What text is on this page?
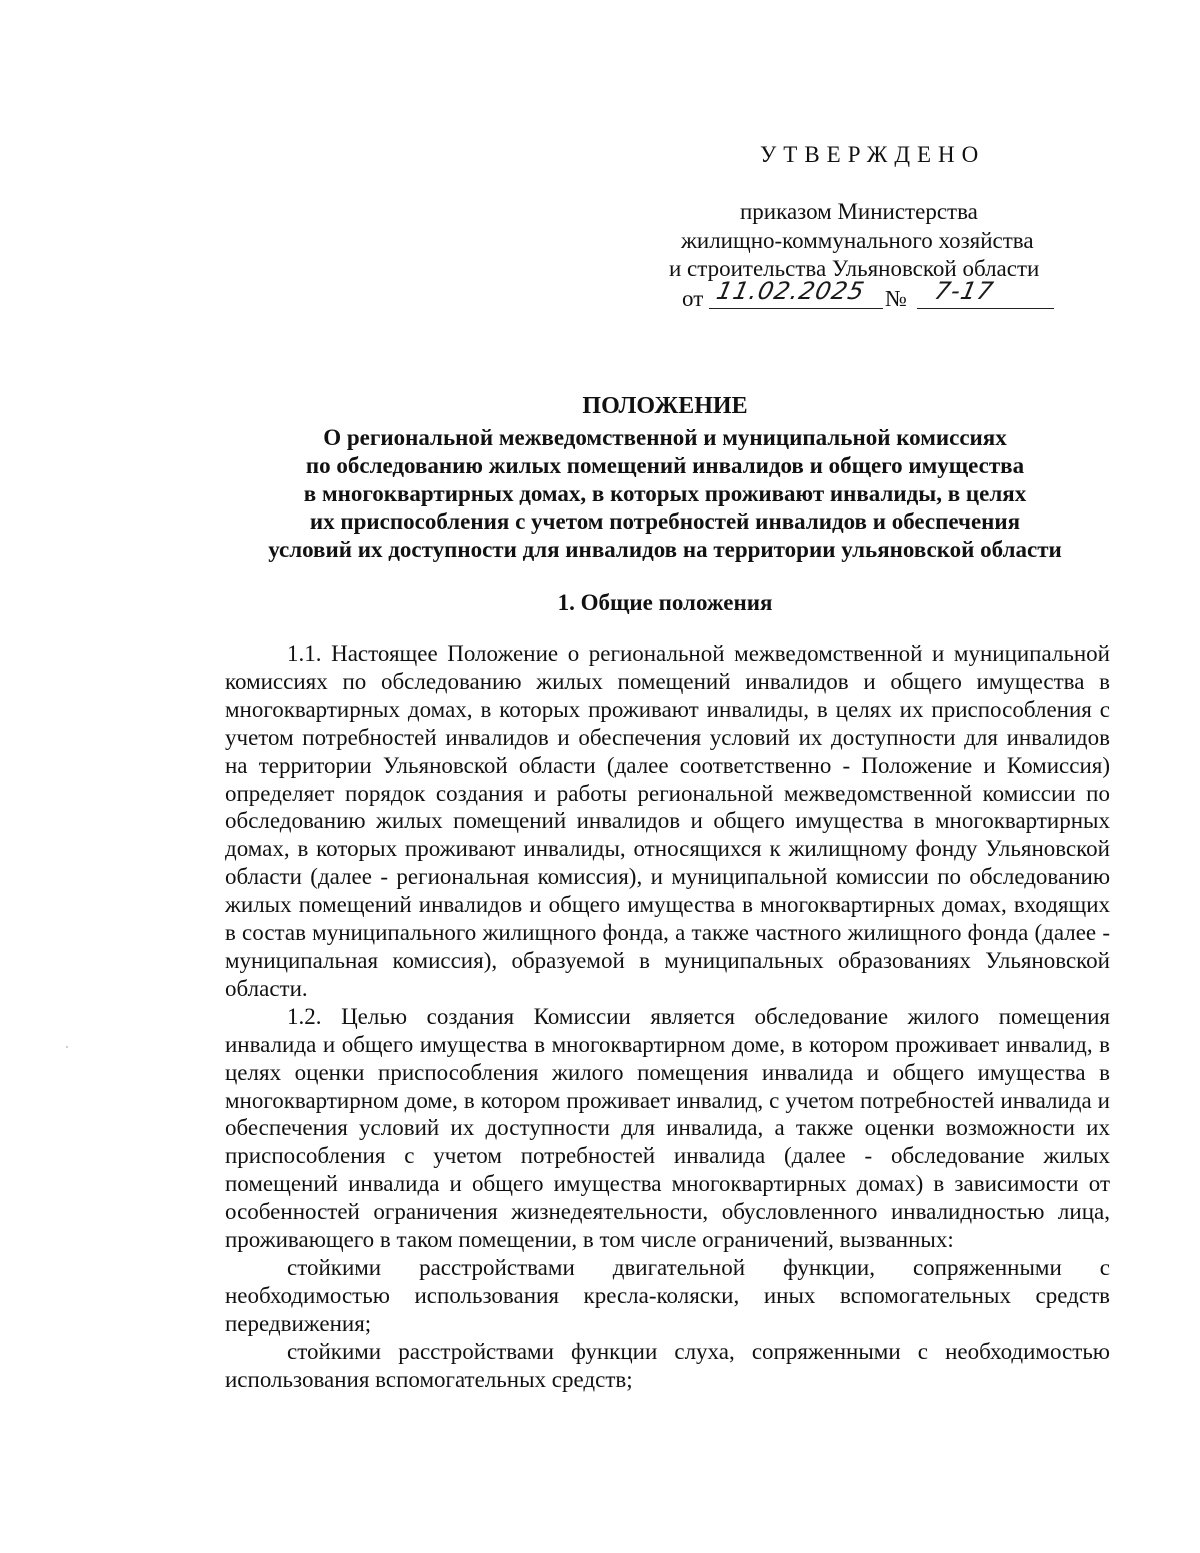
УТВЕРЖДЕНО
приказом Министерства
жилищно-коммунального хозяйства
и строительства Ульяновской области
от 11.02.2025 № 7-17
ПОЛОЖЕНИЕ
О региональной межведомственной и муниципальной комиссиях
по обследованию жилых помещений инвалидов и общего имущества
в многоквартирных домах, в которых проживают инвалиды, в целях
их приспособления с учетом потребностей инвалидов и обеспечения
условий их доступности для инвалидов на территории ульяновской области
1. Общие положения

1.1. Настоящее Положение о региональной межведомственной и муниципальной комиссиях по обследованию жилых помещений инвалидов и общего имущества в многоквартирных домах, в которых проживают инвалиды, в целях их приспособления с учетом потребностей инвалидов и обеспечения условий их доступности для инвалидов на территории Ульяновской области (далее соответственно - Положение и Комиссия) определяет порядок создания и работы региональной межведомственной комиссии по обследованию жилых помещений инвалидов и общего имущества в многоквартирных домах, в которых проживают инвалиды, относящихся к жилищному фонду Ульяновской области (далее - региональная комиссия), и муниципальной комиссии по обследованию жилых помещений инвалидов и общего имущества в многоквартирных домах, входящих в состав муниципального жилищного фонда, а также частного жилищного фонда (далее - муниципальная комиссия), образуемой в муниципальных образованиях Ульяновской области.

1.2. Целью создания Комиссии является обследование жилого помещения инвалида и общего имущества в многоквартирном доме, в котором проживает инвалид, в целях оценки приспособления жилого помещения инвалида и общего имущества в многоквартирном доме, в котором проживает инвалид, с учетом потребностей инвалида и обеспечения условий их доступности для инвалида, а также оценки возможности их приспособления с учетом потребностей инвалида (далее - обследование жилых помещений инвалида и общего имущества многоквартирных домах) в зависимости от особенностей ограничения жизнедеятельности, обусловленного инвалидностью лица, проживающего в таком помещении, в том числе ограничений, вызванных:

стойкими расстройствами двигательной функции, сопряженными с необходимостью использования кресла-коляски, иных вспомогательных средств передвижения;

стойкими расстройствами функции слуха, сопряженными с необходимостью использования вспомогательных средств;
